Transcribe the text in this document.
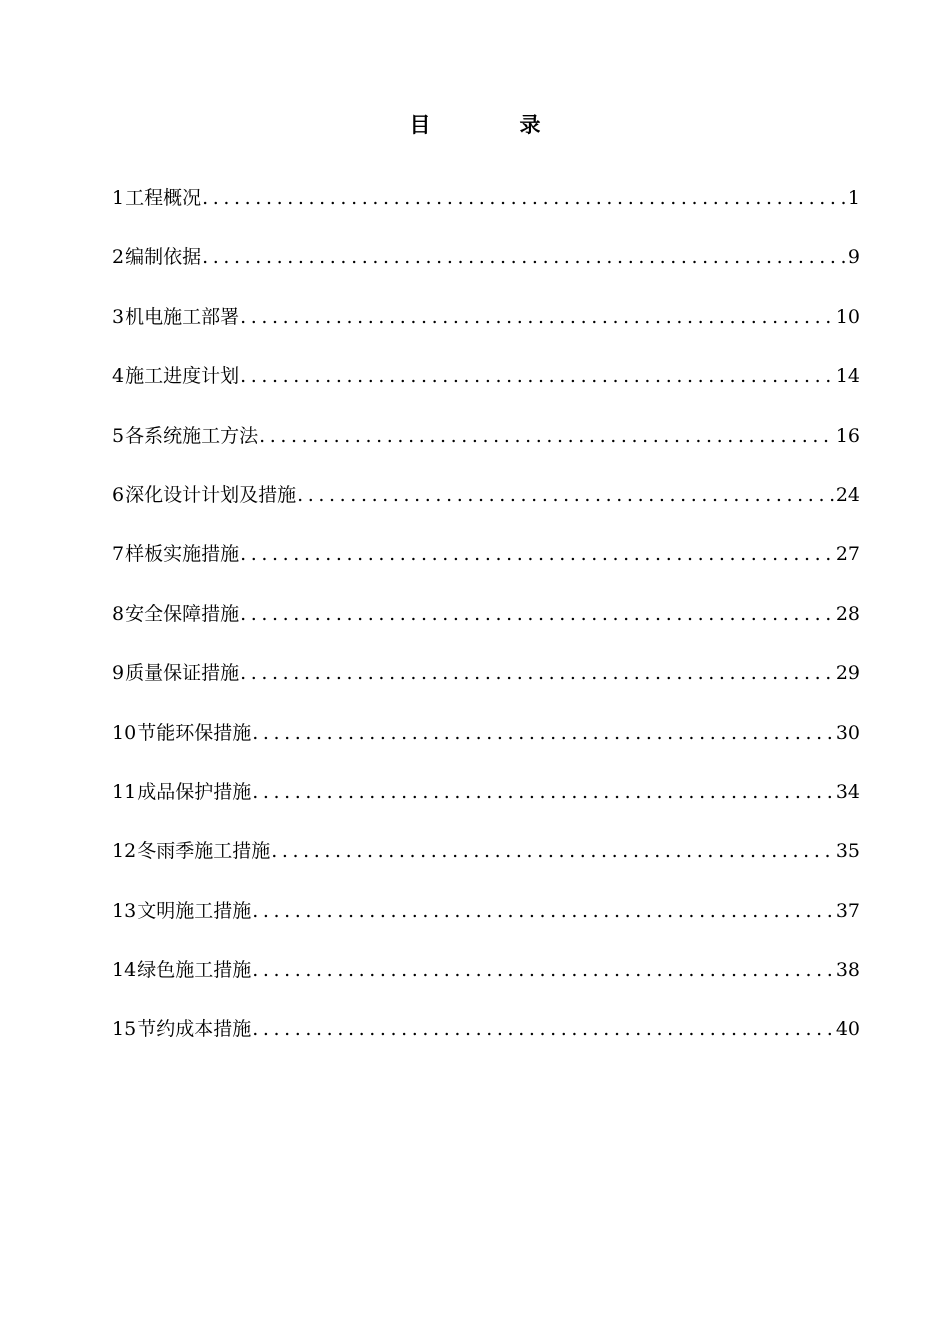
目　录
1 工程概况 .....	1
2 编制依据 .....	9
3 机电施工部署 .....	10
4 施工进度计划 .....	14
5 各系统施工方法 .....	16
6 深化设计计划及措施 .....	24
7 样板实施措施 .....	27
8 安全保障措施 .....	28
9 质量保证措施 .....	29
10 节能环保措施 .....	30
11 成品保护措施 .....	34
12 冬雨季施工措施 .....	35
13 文明施工措施 .....	37
14 绿色施工措施 .....	38
15 节约成本措施 .....	40
